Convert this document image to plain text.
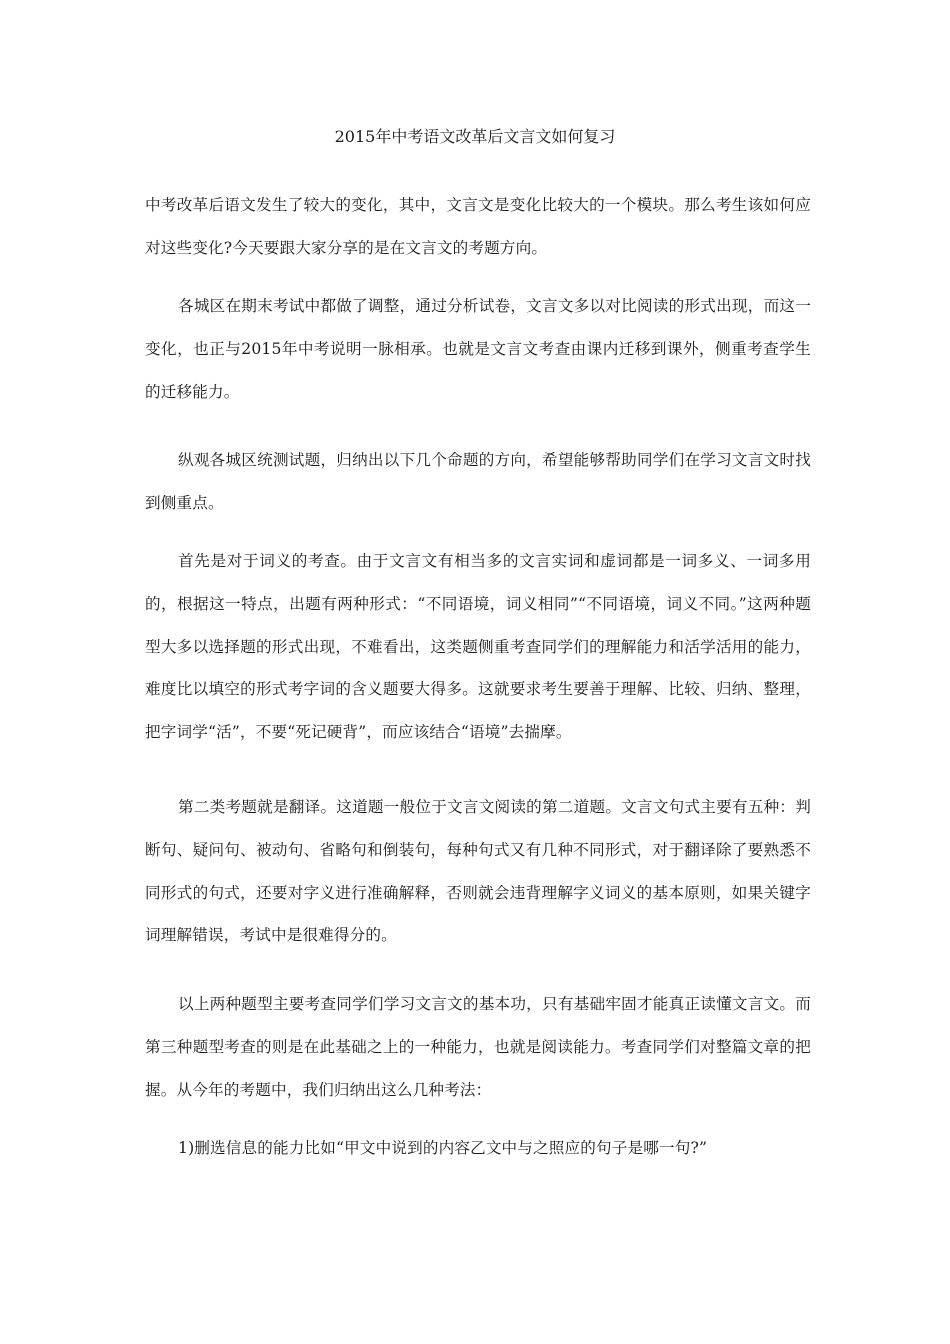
2015年中考语文改革后文言文如何复习

中考改革后语文发生了较大的变化，其中，文言文是变化比较大的一个模块。那么考生该如何应对这些变化?今天要跟大家分享的是在文言文的考题方向。

各城区在期末考试中都做了调整，通过分析试卷，文言文多以对比阅读的形式出现，而这一变化，也正与2015年中考说明一脉相承。也就是文言文考查由课内迁移到课外，侧重考查学生的迁移能力。

纵观各城区统测试题，归纳出以下几个命题的方向，希望能够帮助同学们在学习文言文时找到侧重点。

首先是对于词义的考查。由于文言文有相当多的文言实词和虚词都是一词多义、一词多用的，根据这一特点，出题有两种形式：“不同语境，词义相同”“不同语境，词义不同。”这两种题型大多以选择题的形式出现，不难看出，这类题侧重考查同学们的理解能力和活学活用的能力，难度比以填空的形式考字词的含义题要大得多。这就要求考生要善于理解、比较、归纳、整理，把字词学“活”，不要“死记硬背”，而应该结合“语境”去揣摩。

第二类考题就是翻译。这道题一般位于文言文阅读的第二道题。文言文句式主要有五种：判断句、疑问句、被动句、省略句和倒装句，每种句式又有几种不同形式，对于翻译除了要熟悉不同形式的句式，还要对字义进行准确解释，否则就会违背理解字义词义的基本原则，如果关键字词理解错误，考试中是很难得分的。

以上两种题型主要考查同学们学习文言文的基本功，只有基础牢固才能真正读懂文言文。而第三种题型考查的则是在此基础之上的一种能力，也就是阅读能力。考查同学们对整篇文章的把握。从今年的考题中，我们归纳出这么几种考法：

1)删选信息的能力比如“甲文中说到的内容乙文中与之照应的句子是哪一句?”
